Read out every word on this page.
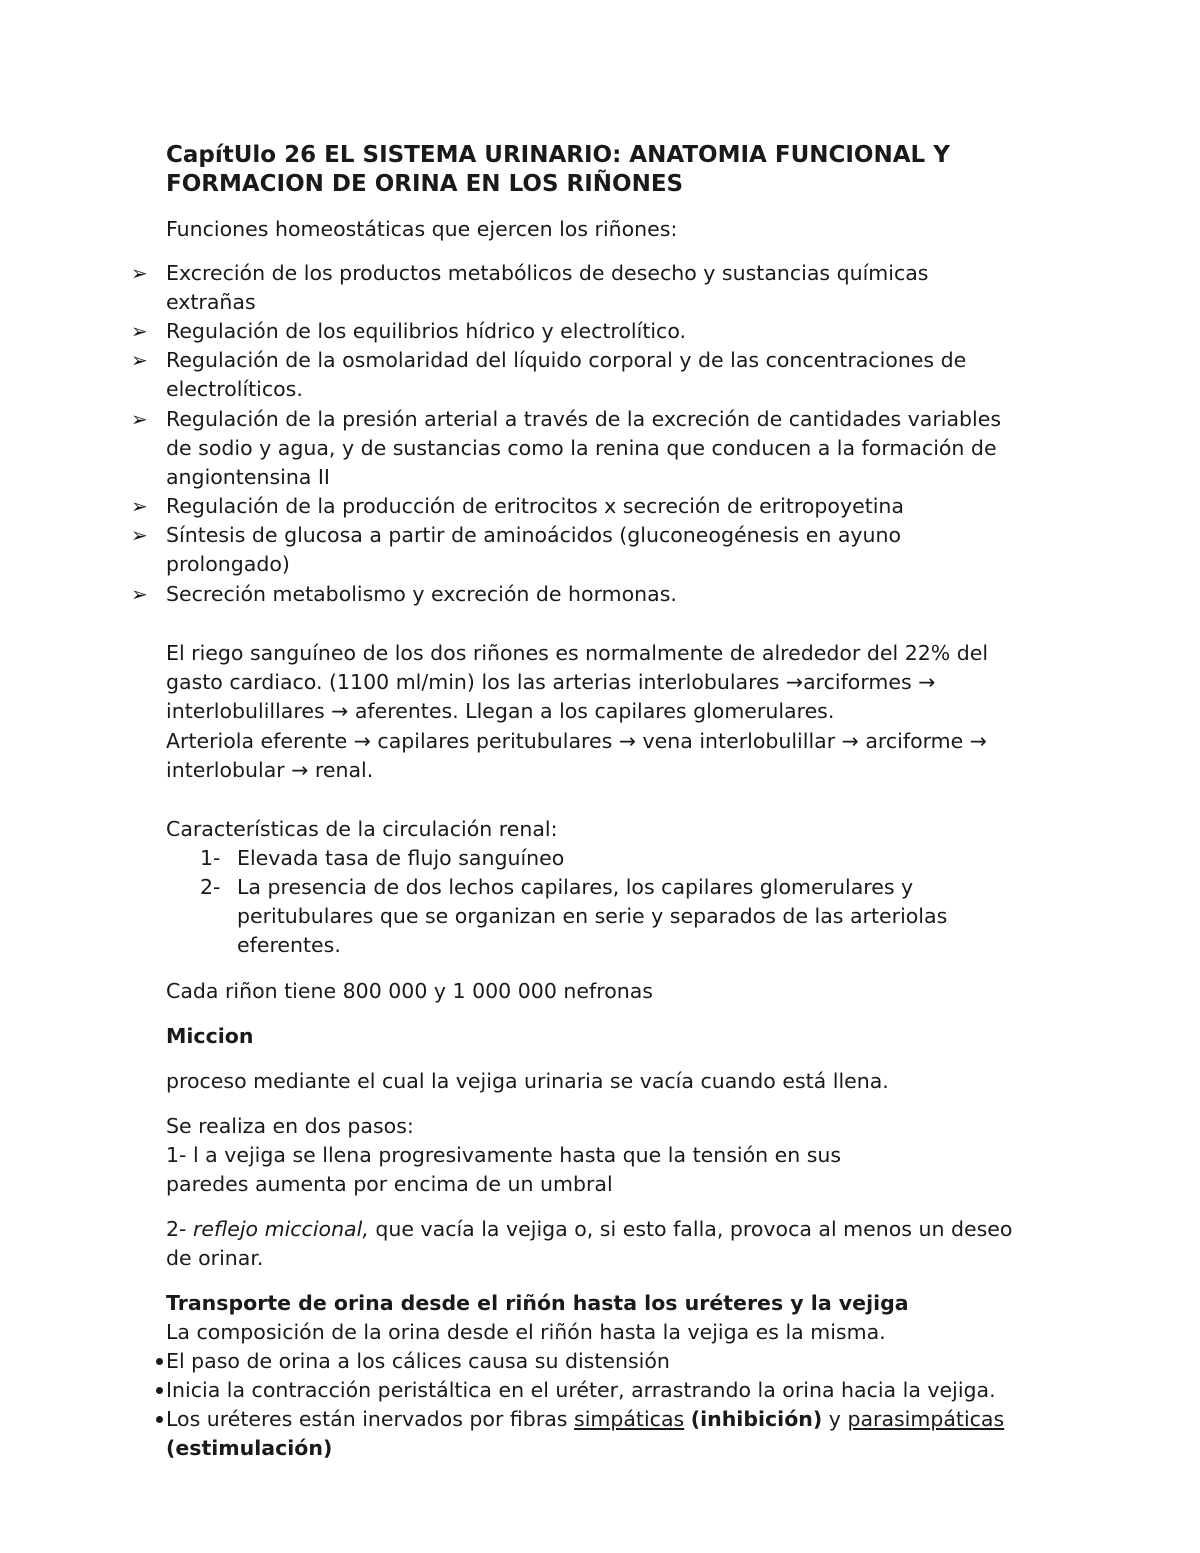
CapítUlo 26 EL SISTEMA URINARIO: ANATOMIA FUNCIONAL Y
FORMACION DE ORINA EN LOS RIÑONES
Funciones homeostáticas que ejercen los riñones:
➢ Excreción de los productos metabólicos de desecho y sustancias químicas
extrañas
➢ Regulación de los equilibrios hídrico y electrolítico.
➢ Regulación de la osmolaridad del líquido corporal y de las concentraciones de
electrolíticos.
➢ Regulación de la presión arterial a través de la excreción de cantidades variables
de sodio y agua, y de sustancias como la renina que conducen a la formación de
angiontensina II
➢ Regulación de la producción de eritrocitos x secreción de eritropoyetina
➢ Síntesis de glucosa a partir de aminoácidos (gluconeogénesis en ayuno
prolongado)
➢ Secreción metabolismo y excreción de hormonas.
El riego sanguíneo de los dos riñones es normalmente de alrededor del 22% del
gasto cardiaco. (1100 ml/min) los las arterias interlobulares →arciformes →
interlobulillares → aferentes. Llegan a los capilares glomerulares.
Arteriola eferente → capilares peritubulares → vena interlobulillar → arciforme →
interlobular → renal.
Características de la circulación renal:
1- Elevada tasa de flujo sanguíneo
2- La presencia de dos lechos capilares, los capilares glomerulares y
peritubulares que se organizan en serie y separados de las arteriolas
eferentes.
Cada riñon tiene 800 000 y 1 000 000 nefronas
Miccion
proceso mediante el cual la vejiga urinaria se vacía cuando está llena.
Se realiza en dos pasos:
1- l a vejiga se llena progresivamente hasta que la tensión en sus
paredes aumenta por encima de un umbral
2- reflejo miccional, que vacía la vejiga o, si esto falla, provoca al menos un deseo
de orinar.
Transporte de orina desde el riñón hasta los uréteres y la vejiga
La composición de la orina desde el riñón hasta la vejiga es la misma.
El paso de orina a los cálices causa su distensión
Inicia la contracción peristáltica en el uréter, arrastrando la orina hacia la vejiga.
Los uréteres están inervados por fibras simpáticas (inhibición) y parasimpáticas
(estimulación)
